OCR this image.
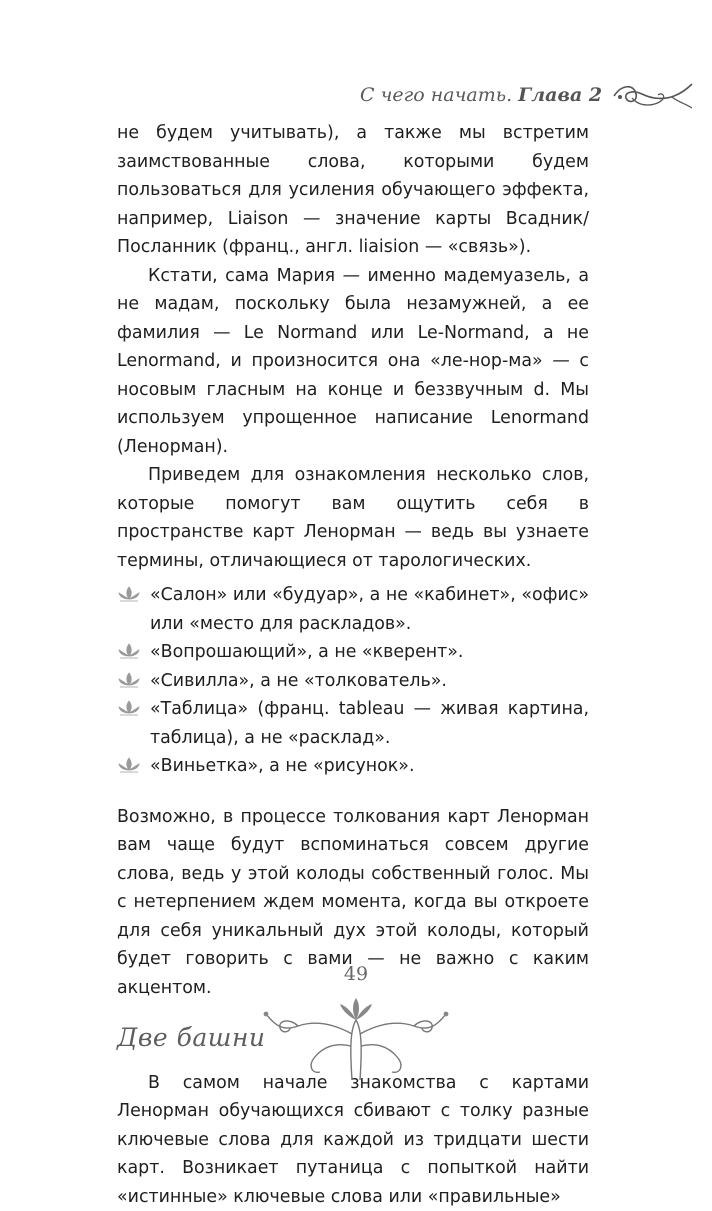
С чего начать. Глава 2

не будем учитывать), а также мы встретим заимствованные слова, которыми будем пользоваться для усиления обучающего эффекта, например, Liaison — значение карты Всадник/Посланник (франц., англ. liaision — «связь»).

Кстати, сама Мария — именно мадемуазель, а не мадам, поскольку была незамужней, а ее фамилия — Le Normand или Le-Normand, а не Lenormand, и произносится она «ле-нор-ма» — с носовым гласным на конце и беззвучным d. Мы используем упрощенное написание Lenormand (Ленорман).

Приведем для ознакомления несколько слов, которые помогут вам ощутить себя в пространстве карт Ленорман — ведь вы узнаете термины, отличающиеся от тарологических.

«Салон» или «будуар», а не «кабинет», «офис» или «место для раскладов».
«Вопрошающий», а не «кверент».
«Сивилла», а не «толкователь».
«Таблица» (франц. tableau — живая картина, таблица), а не «расклад».
«Виньетка», а не «рисунок».

Возможно, в процессе толкования карт Ленорман вам чаще будут вспоминаться совсем другие слова, ведь у этой колоды собственный голос. Мы с нетерпением ждем момента, когда вы откроете для себя уникальный дух этой колоды, который будет говорить с вами — не важно с каким акцентом.

Две башни

В самом начале знакомства с картами Ленорман обучающихся сбивают с толку разные ключевые слова для каждой из тридцати шести карт. Возникает путаница с попыткой найти «истинные» ключевые слова или «правильные»

49
